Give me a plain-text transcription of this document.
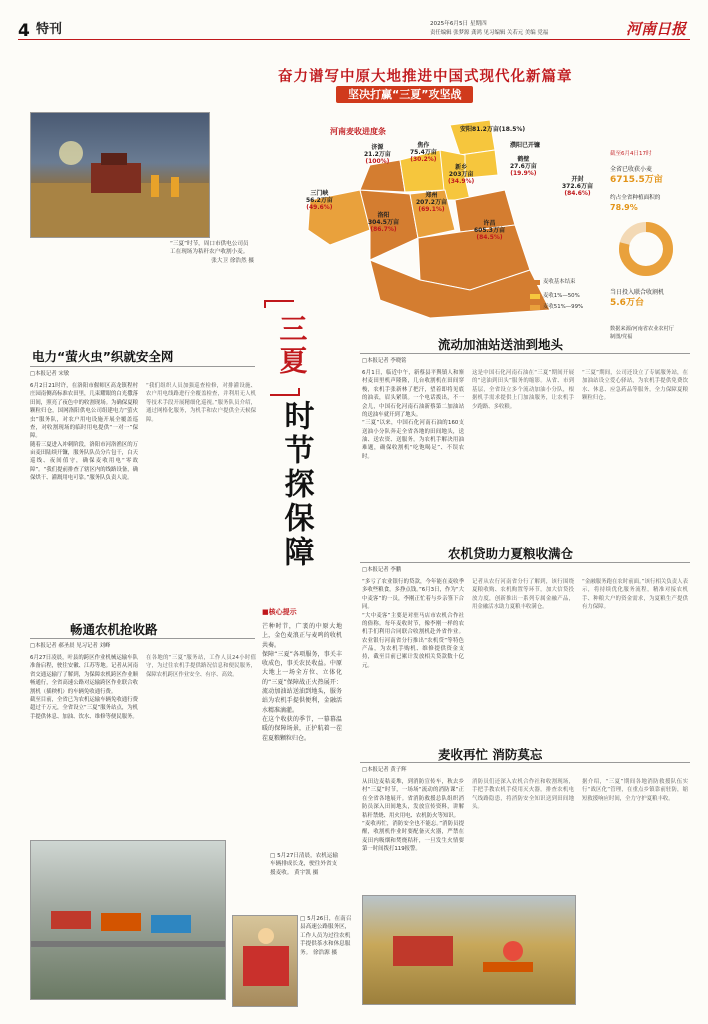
4 特刊	2025年6月5日 星期四
责任编辑 张梦源 龚鸿 见习编辑 关若元 美编 党福	河南日报
奋力谱写中原大地推进中国式现代化新篇章
坚决打赢“三夏”攻坚战
“三夏”时节，周口市供电公司员工在现场为秸秆农户收割小麦。
张大卫 徐浩然 摄
河南麦收进度条
济源
21.2万亩
(100%)
焦作
75.4万亩
(30.2%)
安阳81.2万亩(18.5%)
濮阳已开镰
鹤壁
27.6万亩
(19.9%)
新乡
203万亩
(34.9%)	开封
372.6万亩
(84.6%)
三门峡
56.2万亩
(49.6%)
郑州
207.2万亩
(69.1%)
洛阳
304.5万亩
(86.7%)
许昌
605.3万亩
(84.5%)
麦收1%—50%
麦收51%—99%
麦收基本结束
截至6月4日17时
全省已收获小麦
6715.5万亩
约占全省种植面积的
78.9%
当日投入联合收割机
5.6万台
数据来源/河南省农业农村厅
制图/党福
三夏
时节探保障
电力“萤火虫”织就安全网
□本报记者 宋敏
6月2日21时许，在洛阳市偃师区高龙镇程村庄园南侧高标准农田里，几束耀眼的白光撒落田间，照亮了夜色中的收割现场。为确保夏粮颗粒归仓，国网洛阳供电公司组建电力“萤火虫”服务队，对农户用电设施开展全覆盖巡查，对收割现场的临时用电提供“一对一”保障。
随着三夏进入冲刺阶段，洛阳市河洛渔区的万亩麦田陆续开镰，服务队队员分片包干，白天巡线、夜间值守，确保麦收用电“零故障”。“我们提前排查了辖区内的线路设备，确保烘干、灌溉用电可靠。”服务队负责人说。
“我们组织人员加强巡查检修，对排灌设施、农户用电线路进行全覆盖检查，并利用无人机等技术手段开展精细化巡视。”服务队员介绍，通过网格化服务，为机手和农户提供全天候保障。
畅通农机抢收路
□本报记者 郝圣晨 见习记者 刘峰
6月27日凌晨，叶县的跨区作业机械运输车队准备启程，驶往安徽、江苏等地。记者从河南省交通运输厅了解到，为保障农机跨区作业顺畅通行，全省高速公路对运输跨区作业联合收割机（插秧机）的车辆免收通行费。
截至目前，全省已为农机运输车辆免收通行费超过千万元，全省设立“三夏”服务站点，为机手提供休息、加油、饮水、维修等便民服务。
在各地的“三夏”服务站，工作人员24小时值守，为过往农机手提供路况信息和便民服务，保障农机跨区作业安全、有序、高效。
■核心提示
芒种时节，广袤的中原大地上，金色麦浪正与麦鸣的收机共奏。
保障“三夏”各项服务，事关丰收成色，事关农民收益。中原大地上一场全方位、立体化的“三夏”保障战正火热展开：流动加油站送油到地头，服务站为农机手提供便利，金融活水精准滴灌。
在这个收获的季节，一幕幕温暖的保障场景，正护航着一茬茬夏粮颗粒归仓。
□ 5月27日清晨，农机运输车辆排成长龙，驶往外省支援麦收。 黄宇凯 摄
□ 5月26日，在南召县高速公路服务区，工作人员为过往农机手提供茶水和休息服务。 徐浩源 摄
流动加油站送油到地头
□本报记者 李晓铭
6月1日，临近中午，新蔡县平舆镇人和寨村麦田里机声隆隆，几台收割机在田间穿梭，农机手张新林了把汗，望着即将见底的油表，眉头紧锁。一个电话拨出，不一会儿，中国石化河南石油新蔡第二加油站的送油车就开到了地头。
“三夏”以来，中国石化河南石油的160支送油小分队奔走全省各地的田间地头，送油、送农资、送服务，为农机手解决用油难题，确保收割机“吃饱喝足”、不误农时。
这是中国石化河南石油在“三夏”期间开展的“送油到田头”服务的缩影。从省、市到基层，全省设立多个流动加油小分队，根据机手需求提供上门加油服务，让农机手少跑路、多收粮。
“三夏”期间，公司还设立了专属服务站，在加油站设立爱心驿站，为农机手提供免费饮水、休息、应急药品等服务，全力保障夏粮颗粒归仓。
农机贷助力夏粮收满仓
□本报记者 李鹏
“多亏了农业银行的贷款，今年能在麦收季多收些粮食，多挣点钱。”6月3日，作为“大中麦客”的一员，李刚正忙着与乡亲签下合同。
“大中麦客”主要是对驻马店市农机合作社的俗称。每年麦收时节，像李刚一样的农机手们利用合同联合收割机赴外省作业。农业银行河南省分行推出“农机贷”等特色产品，为农机手购机、维修提供资金支持，截至目前已累计发放相关贷款数十亿元。
记者从农行河南省分行了解到，该行围绕夏粮收购、农机购置等环节，加大信贷投放力度，创新推出一系列专属金融产品，用金融活水助力夏粮丰收满仓。
“金融服务跑在农时前面。”该行相关负责人表示，将持续优化服务流程，精准对接农机手、种粮大户的资金需求，为夏粮生产提供有力保障。
麦收再忙 消防莫忘
□本报记者 黄子辉
从田边麦秸麦堆，到消防宣传车，秋去乡村“三夏”时节，一场场“流动的消防课”正在全省各地展开。省消防救援总队组织消防员深入田间地头，发放宣传资料，讲解秸秆禁烧、用火用电、农机防火等知识。
“麦收再忙，消防安全也不能忘。”消防员提醒，收割机作业时要配备灭火器，严禁在麦田内吸烟和焚烧秸秆，一旦发生火情要第一时间拨打119报警。
消防员们还深入农机合作社和收割现场，手把手教农机手使用灭火器，排查农机电气线路隐患，将消防安全知识送到田间地头。
据介绍，“三夏”期间各地消防救援队伍实行“战区化”管理，在重点乡镇靠前驻防，缩短救援响应时间，全力守护夏粮丰收。
